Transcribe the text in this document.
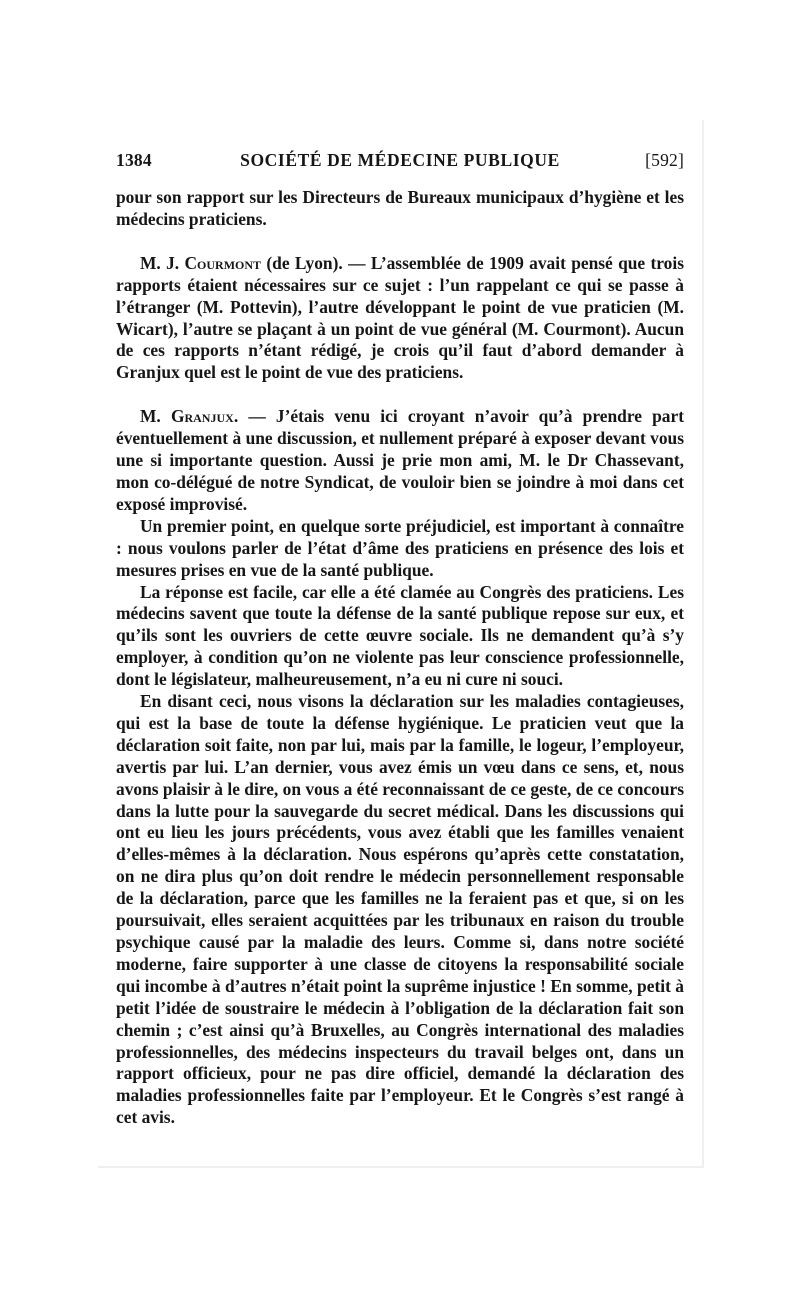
1384	SOCIÉTÉ DE MÉDECINE PUBLIQUE	[592]

pour son rapport sur les Directeurs de Bureaux municipaux d’hygiène et les médecins praticiens.

M. J. Courmont (de Lyon). — L’assemblée de 1909 avait pensé que trois rapports étaient nécessaires sur ce sujet : l’un rappelant ce qui se passe à l’étranger (M. Pottevin), l’autre développant le point de vue praticien (M. Wicart), l’autre se plaçant à un point de vue général (M. Courmont). Aucun de ces rapports n’étant rédigé, je crois qu’il faut d’abord demander à Granjux quel est le point de vue des praticiens.

M. Granjux. — J’étais venu ici croyant n’avoir qu’à prendre part éventuellement à une discussion, et nullement préparé à exposer devant vous une si importante question. Aussi je prie mon ami, M. le Dr Chassevant, mon co-délégué de notre Syndicat, de vouloir bien se joindre à moi dans cet exposé improvisé.

Un premier point, en quelque sorte préjudiciel, est important à connaître : nous voulons parler de l’état d’âme des praticiens en présence des lois et mesures prises en vue de la santé publique.

La réponse est facile, car elle a été clamée au Congrès des praticiens. Les médecins savent que toute la défense de la santé publique repose sur eux, et qu’ils sont les ouvriers de cette œuvre sociale. Ils ne demandent qu’à s’y employer, à condition qu’on ne violente pas leur conscience professionnelle, dont le législateur, malheureusement, n’a eu ni cure ni souci.

En disant ceci, nous visons la déclaration sur les maladies contagieuses, qui est la base de toute la défense hygiénique. Le praticien veut que la déclaration soit faite, non par lui, mais par la famille, le logeur, l’employeur, avertis par lui. L’an dernier, vous avez émis un vœu dans ce sens, et, nous avons plaisir à le dire, on vous a été reconnaissant de ce geste, de ce concours dans la lutte pour la sauvegarde du secret médical. Dans les discussions qui ont eu lieu les jours précédents, vous avez établi que les familles venaient d’elles-mêmes à la déclaration. Nous espérons qu’après cette constatation, on ne dira plus qu’on doit rendre le médecin personnellement responsable de la déclaration, parce que les familles ne la feraient pas et que, si on les poursuivait, elles seraient acquittées par les tribunaux en raison du trouble psychique causé par la maladie des leurs. Comme si, dans notre société moderne, faire supporter à une classe de citoyens la responsabilité sociale qui incombe à d’autres n’était point la suprême injustice ! En somme, petit à petit l’idée de soustraire le médecin à l’obligation de la déclaration fait son chemin ; c’est ainsi qu’à Bruxelles, au Congrès international des maladies professionnelles, des médecins inspecteurs du travail belges ont, dans un rapport officieux, pour ne pas dire officiel, demandé la déclaration des maladies professionnelles faite par l’employeur. Et le Congrès s’est rangé à cet avis.
